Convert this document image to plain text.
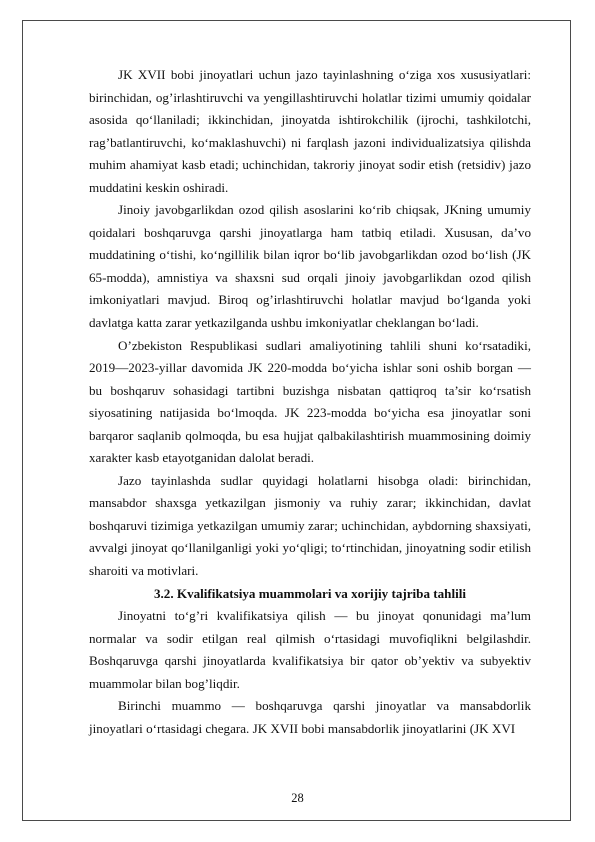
JK XVII bobi jinoyatlari uchun jazo tayinlashning o‘ziga xos xususiyatlari: birinchidan, og’irlashtiruvchi va yengillashtiruvchi holatlar tizimi umumiy qoidalar asosida qo‘llaniladi; ikkinchidan, jinoyatda ishtirokchilik (ijrochi, tashkilotchi, rag’batlantiruvchi, ko‘maklashuvchi) ni farqlash jazoni individualizatsiya qilishda muhim ahamiyat kasb etadi; uchinchidan, takroriy jinoyat sodir etish (retsidiv) jazo muddatini keskin oshiradi.

Jinoiy javobgarlikdan ozod qilish asoslarini ko‘rib chiqsak, JKning umumiy qoidalari boshqaruvga qarshi jinoyatlarga ham tatbiq etiladi. Xususan, da’vo muddatining o‘tishi, ko‘ngillilik bilan iqror bo‘lib javobgarlikdan ozod bo‘lish (JK 65-modda), amnistiya va shaxsni sud orqali jinoiy javobgarlikdan ozod qilish imkoniyatlari mavjud. Biroq og’irlashtiruvchi holatlar mavjud bo‘lganda yoki davlatga katta zarar yetkazilganda ushbu imkoniyatlar cheklangan bo‘ladi.

O’zbekiston Respublikasi sudlari amaliyotining tahlili shuni ko‘rsatadiki, 2019—2023-yillar davomida JK 220-modda bo‘yicha ishlar soni oshib borgan — bu boshqaruv sohasidagi tartibni buzishga nisbatan qattiqroq ta’sir ko‘rsatish siyosatining natijasida bo‘lmoqda. JK 223-modda bo‘yicha esa jinoyatlar soni barqaror saqlanib qolmoqda, bu esa hujjat qalbakilashtirish muammosining doimiy xarakter kasb etayotganidan dalolat beradi.

Jazo tayinlashda sudlar quyidagi holatlarni hisobga oladi: birinchidan, mansabdor shaxsga yetkazilgan jismoniy va ruhiy zarar; ikkinchidan, davlat boshqaruvi tizimiga yetkazilgan umumiy zarar; uchinchidan, aybdorning shaxsiyati, avvalgi jinoyat qo‘llanilganligi yoki yo‘qligi; to‘rtinchidan, jinoyatning sodir etilish sharoiti va motivlari.

3.2. Kvalifikatsiya muammolari va xorijiy tajriba tahlili

Jinoyatni to‘g’ri kvalifikatsiya qilish — bu jinoyat qonunidagi ma’lum normalar va sodir etilgan real qilmish o‘rtasidagi muvofiqlikni belgilashdir. Boshqaruvga qarshi jinoyatlarda kvalifikatsiya bir qator ob’yektiv va subyektiv muammolar bilan bog’liqdir.

Birinchi muammo — boshqaruvga qarshi jinoyatlar va mansabdorlik jinoyatlari o‘rtasidagi chegara. JK XVII bobi mansabdorlik jinoyatlarini (JK XVI

28
